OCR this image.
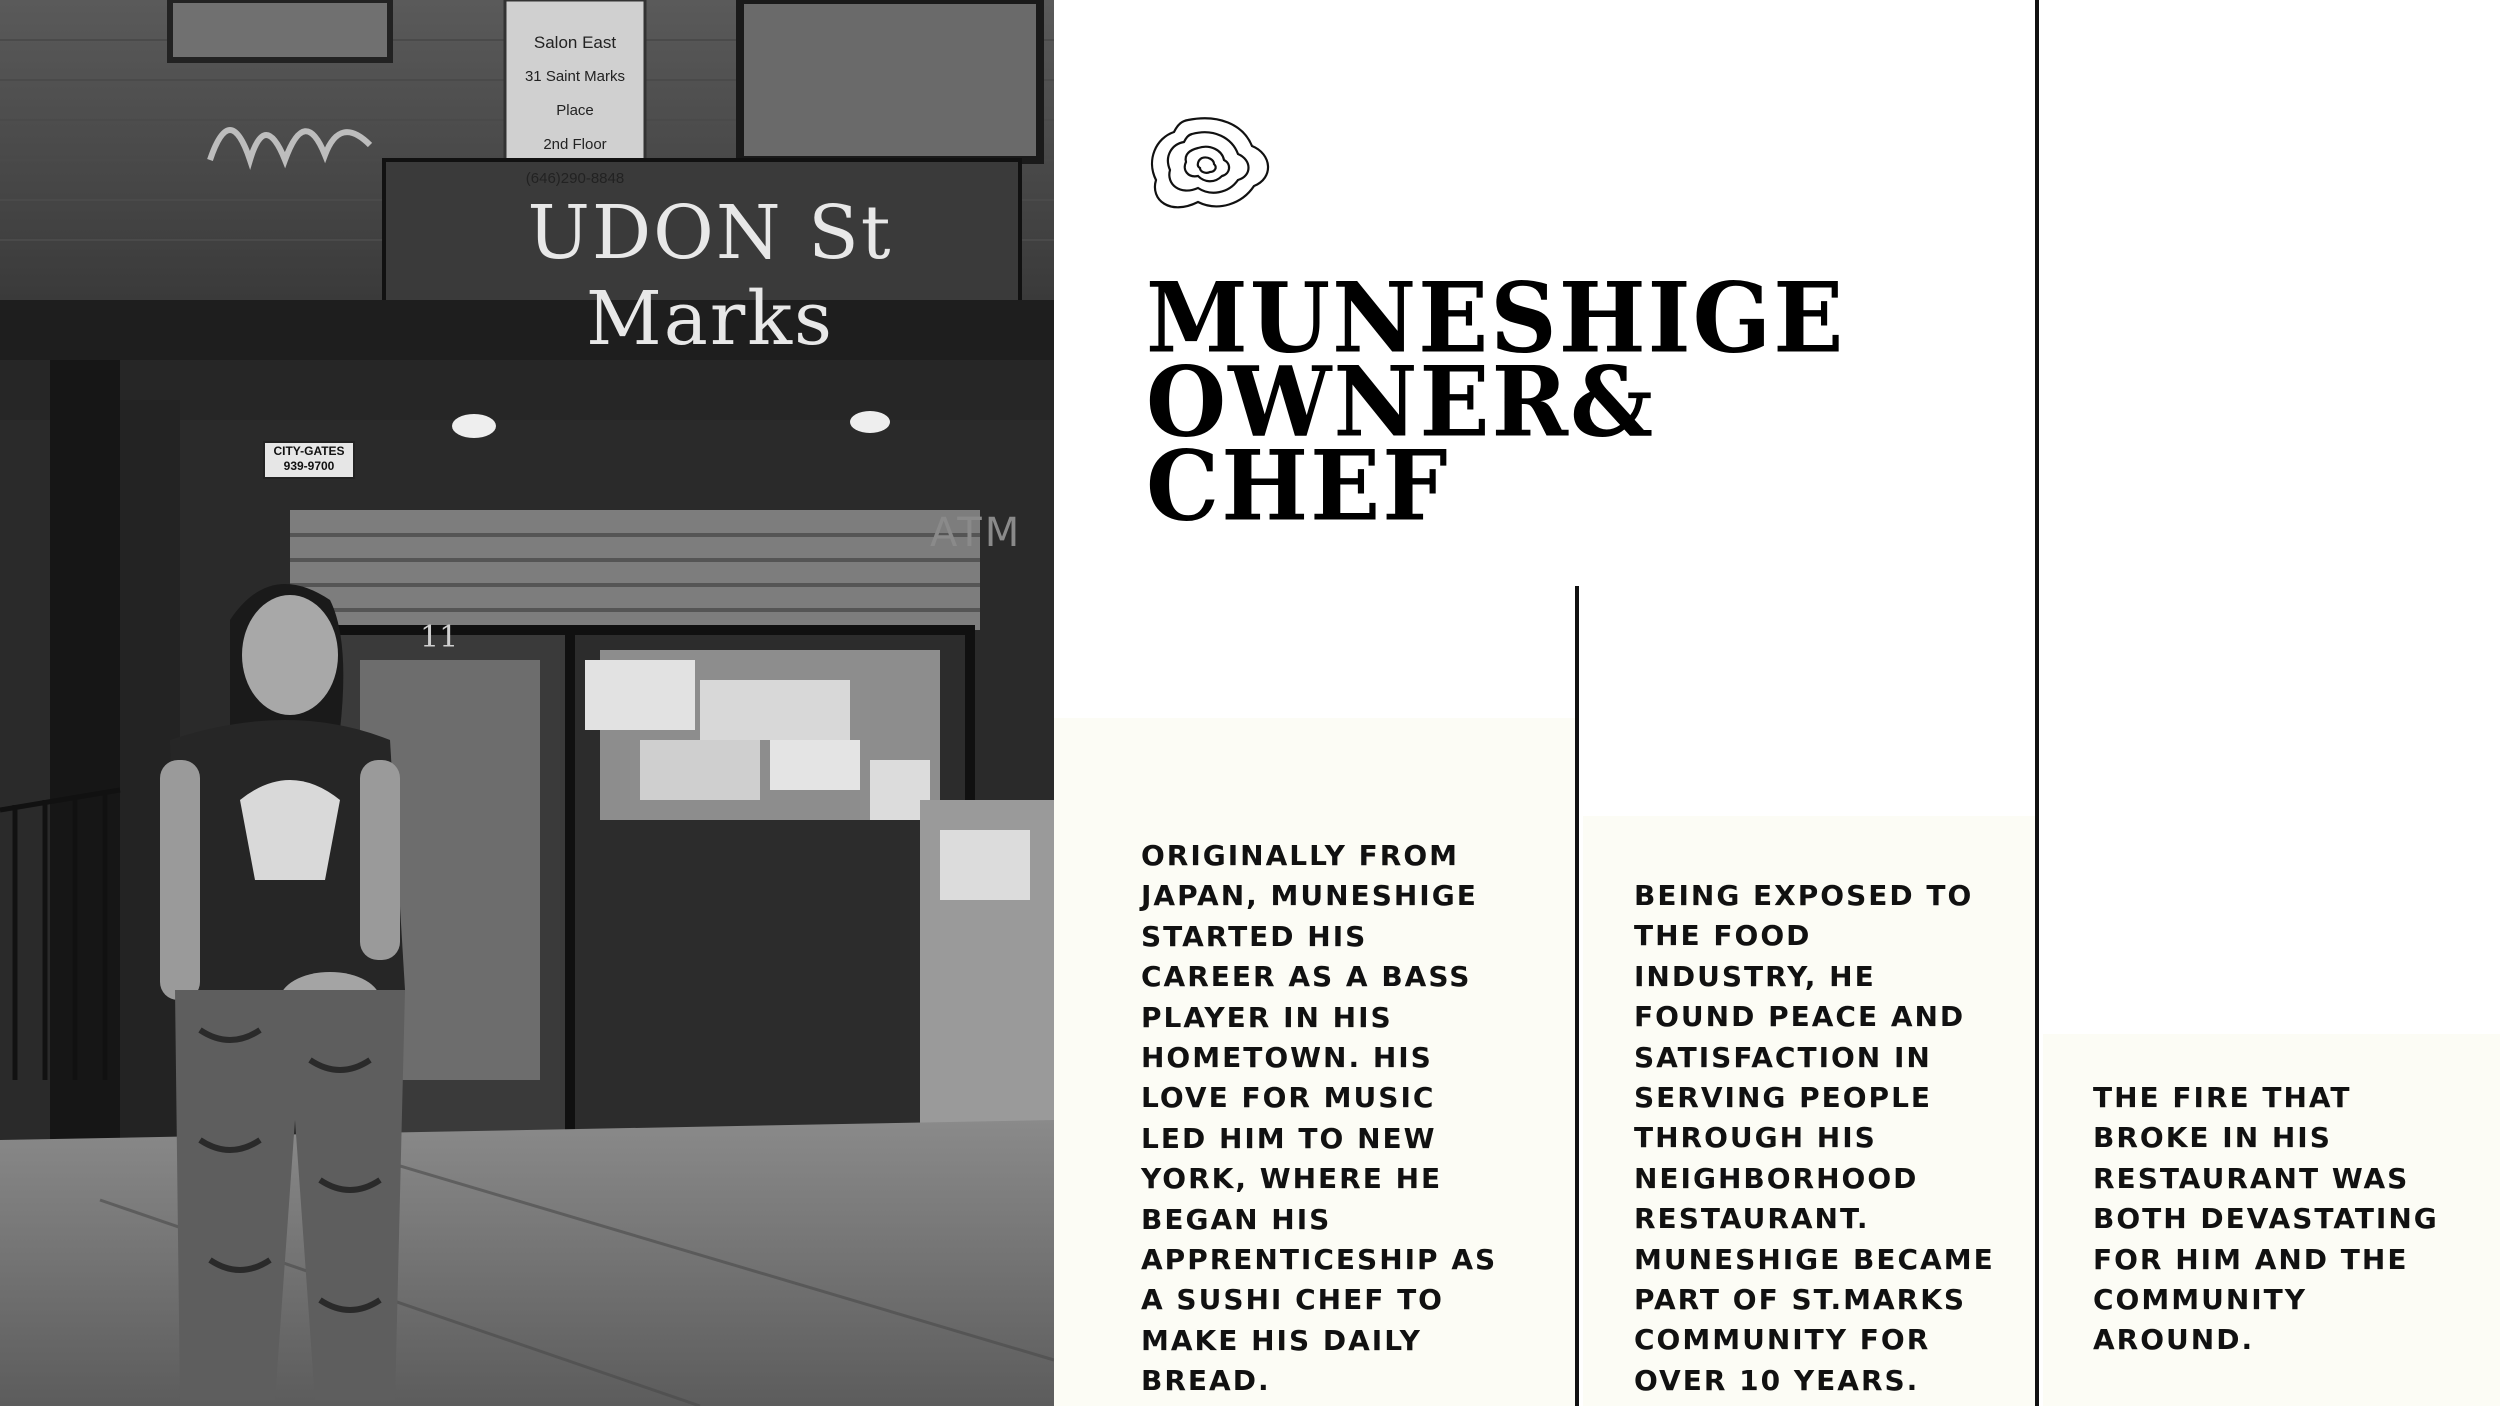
UDON St Marks
Salon East
31 Saint Marks Place
2nd Floor
(646)290-8848
CITY-GATES
939-9700
11
ATM
MUNESHIGE
OWNER&
CHEF

ORIGINALLY FROM JAPAN, MUNESHIGE STARTED HIS CAREER AS A BASS PLAYER IN HIS HOMETOWN. HIS LOVE FOR MUSIC LED HIM TO NEW YORK, WHERE HE BEGAN HIS APPRENTICESHIP AS A SUSHI CHEF TO MAKE HIS DAILY BREAD.

BEING EXPOSED TO THE FOOD INDUSTRY, HE FOUND PEACE AND SATISFACTION IN SERVING PEOPLE THROUGH HIS NEIGHBORHOOD RESTAURANT. MUNESHIGE BECAME PART OF ST.MARKS COMMUNITY FOR OVER 10 YEARS.

THE FIRE THAT BROKE IN HIS RESTAURANT WAS BOTH DEVASTATING FOR HIM AND THE COMMUNITY AROUND.
